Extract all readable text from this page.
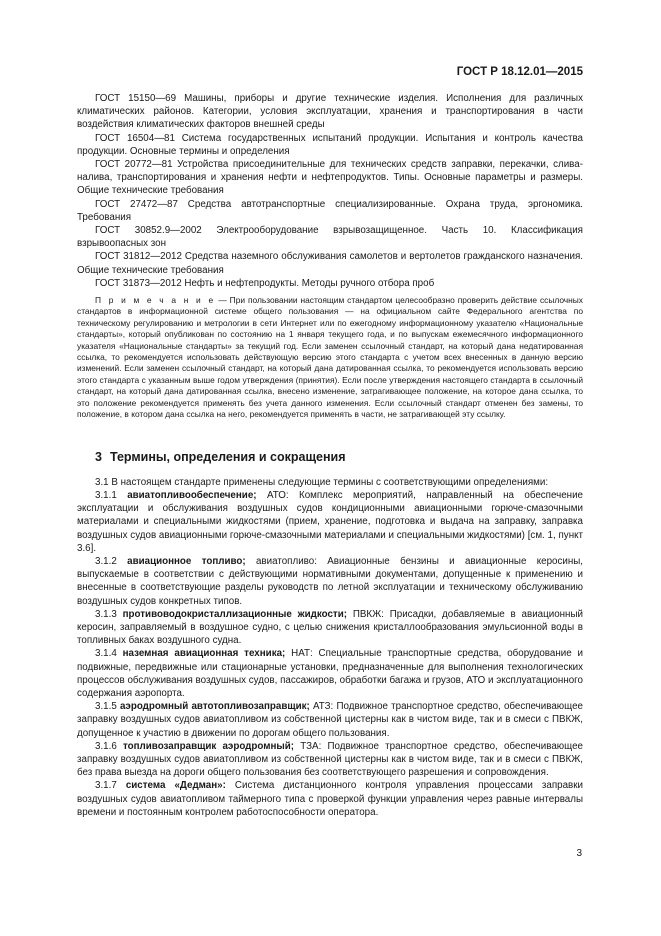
ГОСТ Р 18.12.01—2015

ГОСТ 15150—69 Машины, приборы и другие технические изделия. Исполнения для различных климатических районов. Категории, условия эксплуатации, хранения и транспортирования в части воздействия климатических факторов внешней среды

ГОСТ 16504—81 Система государственных испытаний продукции. Испытания и контроль качества продукции. Основные термины и определения

ГОСТ 20772—81 Устройства присоединительные для технических средств заправки, перекачки, слива-налива, транспортирования и хранения нефти и нефтепродуктов. Типы. Основные параметры и размеры. Общие технические требования

ГОСТ 27472—87 Средства автотранспортные специализированные. Охрана труда, эргономика. Требования

ГОСТ 30852.9—2002 Электрооборудование взрывозащищенное. Часть 10. Классификация взрывоопасных зон

ГОСТ 31812—2012 Средства наземного обслуживания самолетов и вертолетов гражданского назначения. Общие технические требования

ГОСТ 31873—2012 Нефть и нефтепродукты. Методы ручного отбора проб

П р и м е ч а н и е — При пользовании настоящим стандартом целесообразно проверить действие ссылочных стандартов в информационной системе общего пользования — на официальном сайте Федерального агентства по техническому регулированию и метрологии в сети Интернет или по ежегодному информационному указателю «Национальные стандарты», который опубликован по состоянию на 1 января текущего года, и по выпускам ежемесячного информационного указателя «Национальные стандарты» за текущий год. Если заменен ссылочный стандарт, на который дана недатированная ссылка, то рекомендуется использовать действующую версию этого стандарта с учетом всех внесенных в данную версию изменений. Если заменен ссылочный стандарт, на который дана датированная ссылка, то рекомендуется использовать версию этого стандарта с указанным выше годом утверждения (принятия). Если после утверждения настоящего стандарта в ссылочный стандарт, на который дана датированная ссылка, внесено изменение, затрагивающее положение, на которое дана ссылка, то это положение рекомендуется применять без учета данного изменения. Если ссылочный стандарт отменен без замены, то положение, в котором дана ссылка на него, рекомендуется применять в части, не затрагивающей эту ссылку.

3 Термины, определения и сокращения

3.1 В настоящем стандарте применены следующие термины с соответствующими определениями:

3.1.1 авиатопливообеспечение; АТО: Комплекс мероприятий, направленный на обеспечение эксплуатации и обслуживания воздушных судов кондиционными авиационными горюче-смазочными материалами и специальными жидкостями (прием, хранение, подготовка и выдача на заправку, заправка воздушных судов авиационными горюче-смазочными материалами и специальными жидкостями) [см. 1, пункт 3.6].

3.1.2 авиационное топливо; авиатопливо: Авиационные бензины и авиационные керосины, выпускаемые в соответствии с действующими нормативными документами, допущенные к применению и внесенные в соответствующие разделы руководств по летной эксплуатации и техническому обслуживанию воздушных судов конкретных типов.

3.1.3 противоводокристаллизационные жидкости; ПВКЖ: Присадки, добавляемые в авиационный керосин, заправляемый в воздушное судно, с целью снижения кристаллообразования эмульсионной воды в топливных баках воздушного судна.

3.1.4 наземная авиационная техника; НАТ: Специальные транспортные средства, оборудование и подвижные, передвижные или стационарные установки, предназначенные для выполнения технологических процессов обслуживания воздушных судов, пассажиров, обработки багажа и грузов, АТО и эксплуатационного содержания аэропорта.

3.1.5 аэродромный автотопливозаправщик; АТЗ: Подвижное транспортное средство, обеспечивающее заправку воздушных судов авиатопливом из собственной цистерны как в чистом виде, так и в смеси с ПВКЖ, допущенное к участию в движении по дорогам общего пользования.

3.1.6 топливозаправщик аэродромный; ТЗА: Подвижное транспортное средство, обеспечивающее заправку воздушных судов авиатопливом из собственной цистерны как в чистом виде, так и в смеси с ПВКЖ, без права выезда на дороги общего пользования без соответствующего разрешения и сопровождения.

3.1.7 система «Дедман»: Система дистанционного контроля управления процессами заправки воздушных судов авиатопливом таймерного типа с проверкой функции управления через равные интервалы времени и постоянным контролем работоспособности оператора.

3
